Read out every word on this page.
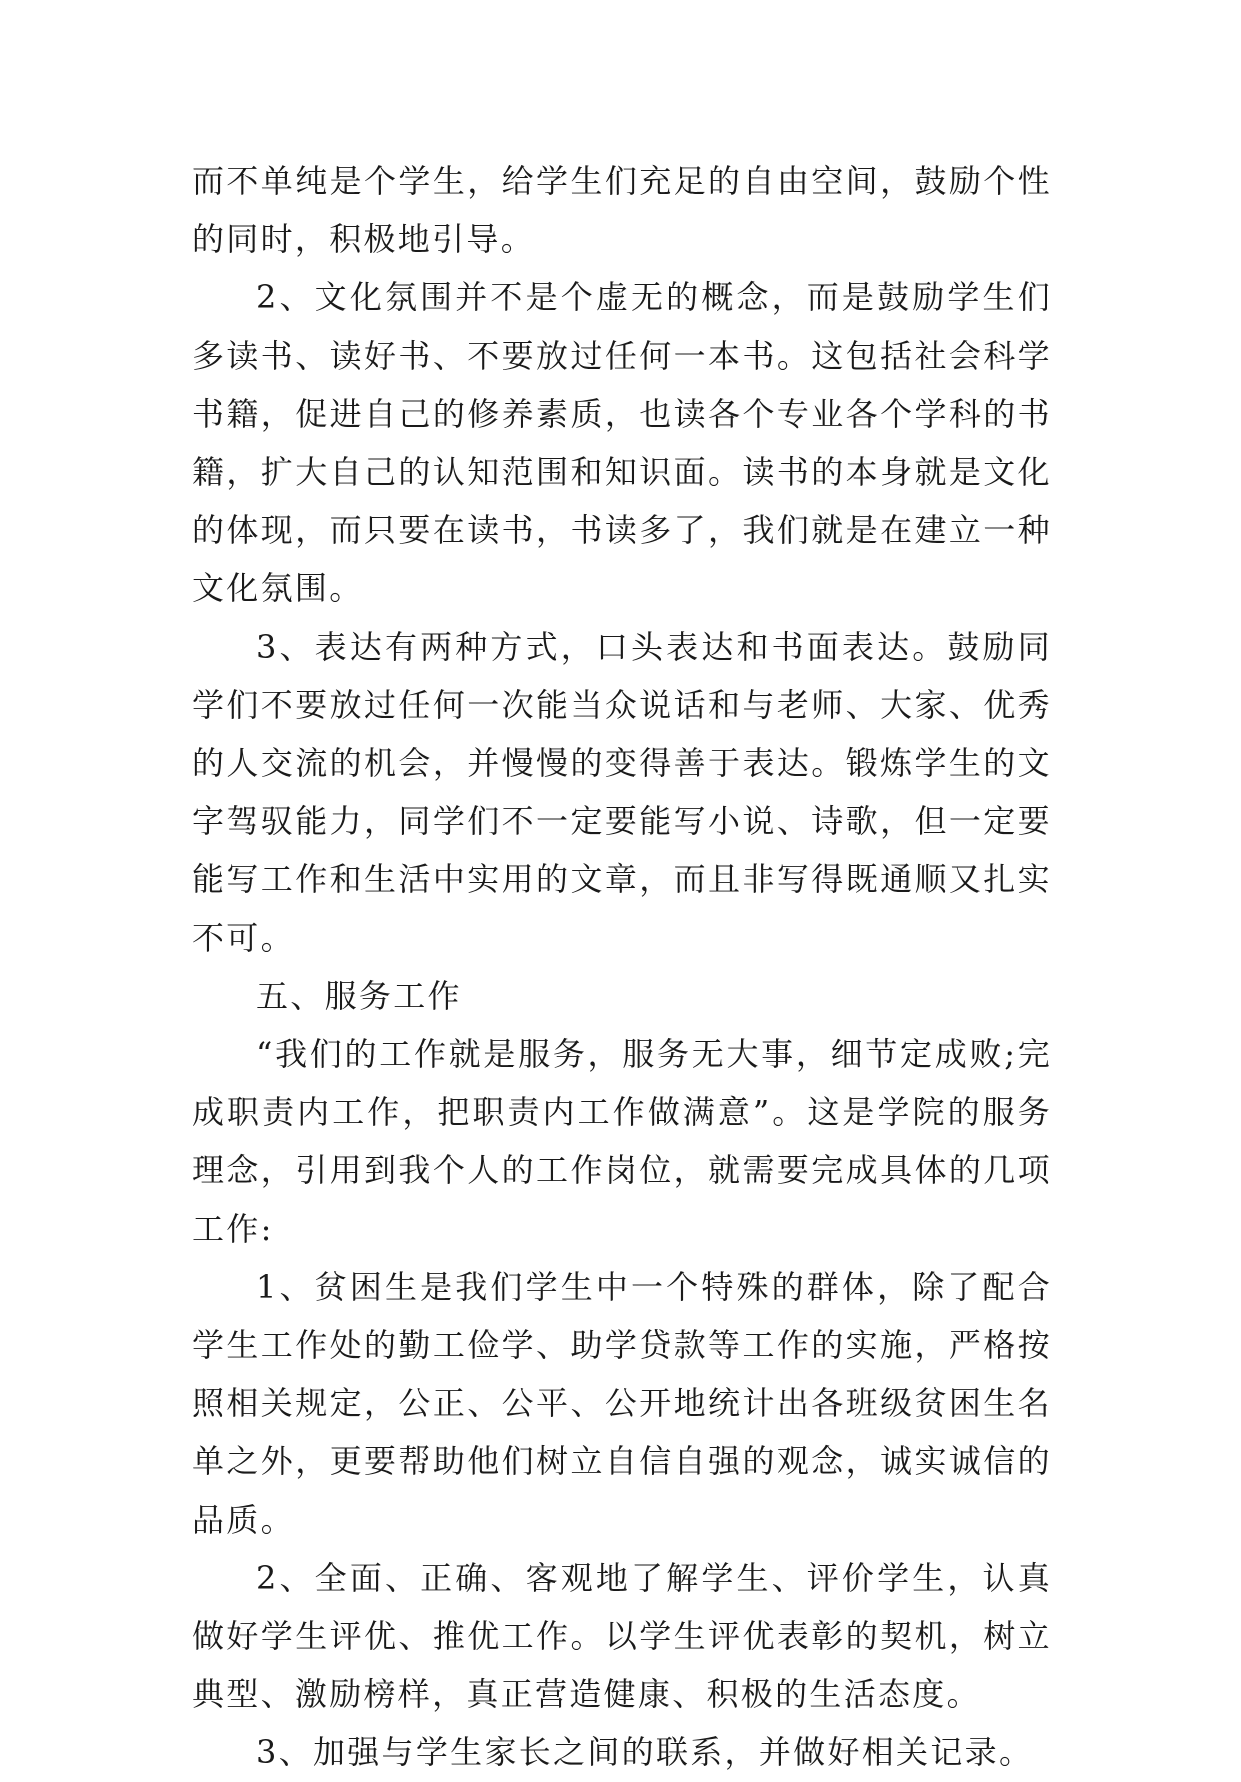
而不单纯是个学生，给学生们充足的自由空间，鼓励个性的同时，积极地引导。

2、文化氛围并不是个虚无的概念，而是鼓励学生们多读书、读好书、不要放过任何一本书。这包括社会科学书籍，促进自己的修养素质，也读各个专业各个学科的书籍，扩大自己的认知范围和知识面。读书的本身就是文化的体现，而只要在读书，书读多了，我们就是在建立一种文化氛围。

3、表达有两种方式，口头表达和书面表达。鼓励同学们不要放过任何一次能当众说话和与老师、大家、优秀的人交流的机会，并慢慢的变得善于表达。锻炼学生的文字驾驭能力，同学们不一定要能写小说、诗歌，但一定要能写工作和生活中实用的文章，而且非写得既通顺又扎实不可。

五、服务工作

“我们的工作就是服务，服务无大事，细节定成败;完成职责内工作，把职责内工作做满意”。这是学院的服务理念，引用到我个人的工作岗位，就需要完成具体的几项工作:

1、贫困生是我们学生中一个特殊的群体，除了配合学生工作处的勤工俭学、助学贷款等工作的实施，严格按照相关规定，公正、公平、公开地统计出各班级贫困生名单之外，更要帮助他们树立自信自强的观念，诚实诚信的品质。

2、全面、正确、客观地了解学生、评价学生，认真做好学生评优、推优工作。以学生评优表彰的契机，树立典型、激励榜样，真正营造健康、积极的生活态度。

3、加强与学生家长之间的联系，并做好相关记录。
